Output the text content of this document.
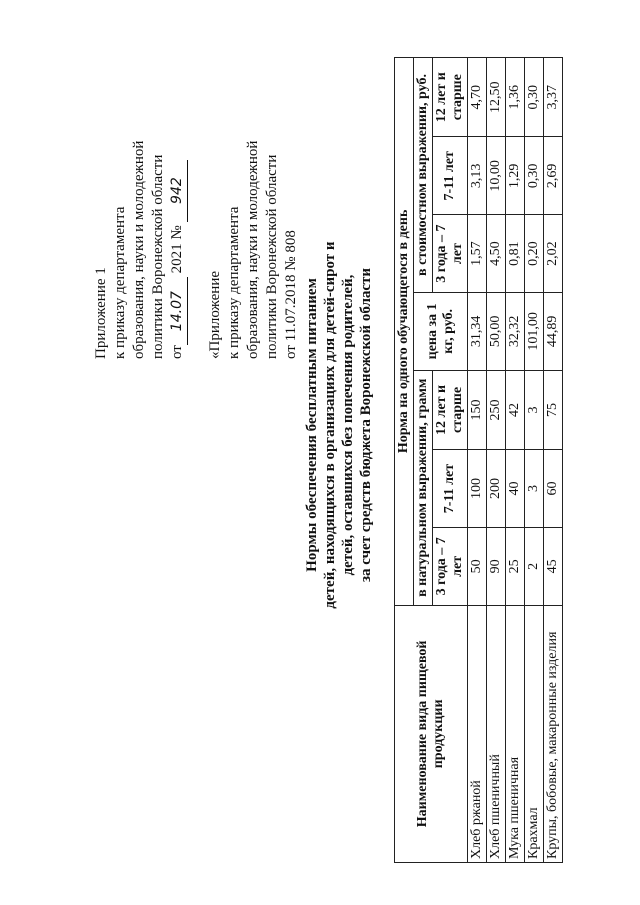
Приложение 1 к приказу департамента образования, науки и молодежной политики Воронежской области от14.07 2021 № 942
«Приложение к приказу департамента образования, науки и молодежной политики Воронежской области от 11.07.2018 № 808 Нормы обеспечения бесплатным питанием детей, находящихся в организациях для детей-сирот и детей, оставшихся без попечения родителей, за счет средств бюджета Воронежской области
Наименование вида пищевой продукции	Норма на одного обучающегося в день						
	в натуральном выражении, грамм			цена за 1 кг, руб.	в стоимостном выражении, руб.		
	3 года – 7 лет	7-11 лет	12 лет и старше		3 года – 7 лет	7-11 лет	12 лет и старше
Хлеб ржаной	50	100	150	31,34	1,57	3,13	4,70
Хлеб пшеничный	90	200	250	50,00	4,50	10,00	12,50
Мука пшеничная	25	40	42	32,32	0,81	1,29	1,36
Крахмал	2	3	3	101,00	0,20	0,30	0,30
Крупы, бобовые, макаронные изделия	45	60	75	44,89	2,02	2,69	3,37
